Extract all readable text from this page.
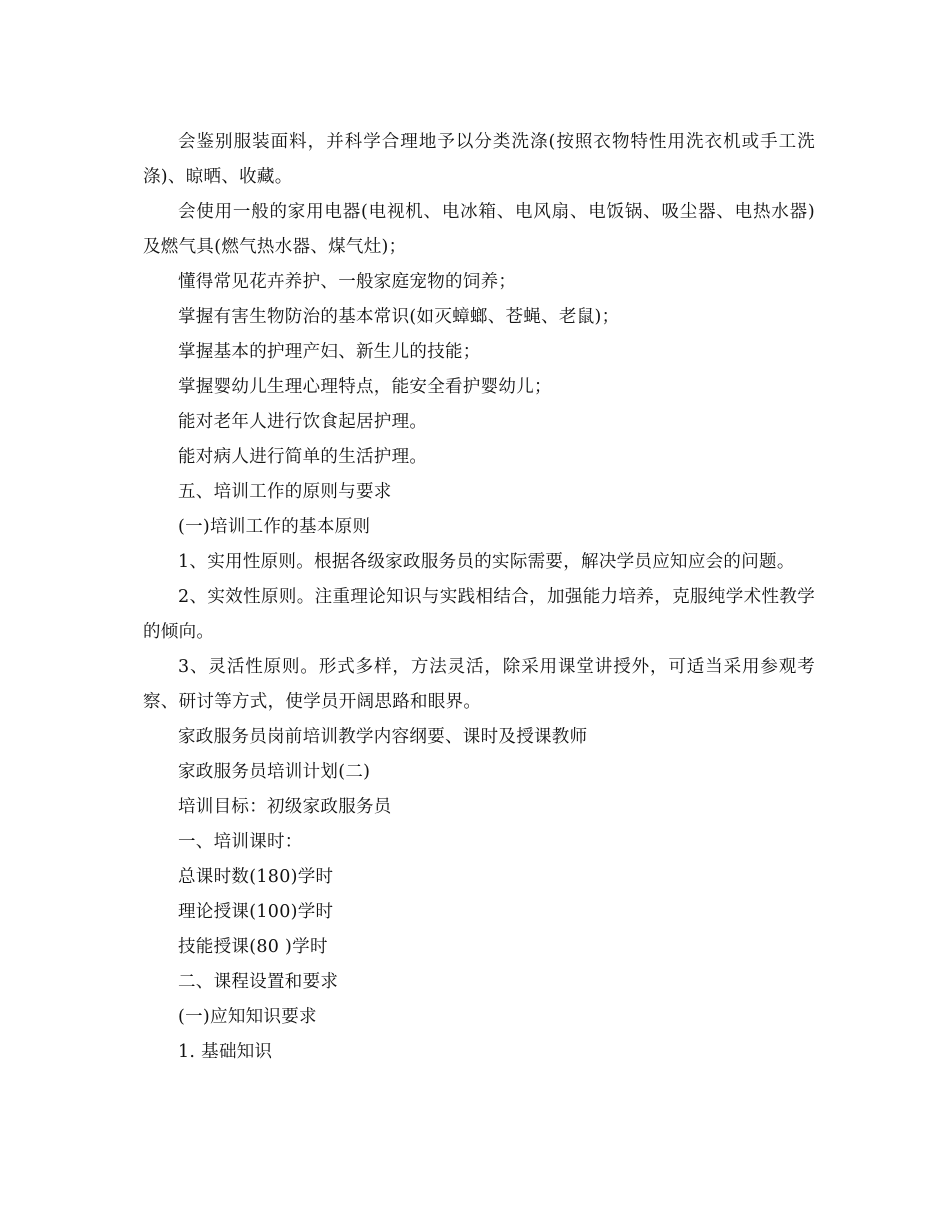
会鉴别服装面料，并科学合理地予以分类洗涤(按照衣物特性用洗衣机或手工洗涤)、晾晒、收藏。

会使用一般的家用电器(电视机、电冰箱、电风扇、电饭锅、吸尘器、电热水器)及燃气具(燃气热水器、煤气灶)；

懂得常见花卉养护、一般家庭宠物的饲养；

掌握有害生物防治的基本常识(如灭蟑螂、苍蝇、老鼠)；

掌握基本的护理产妇、新生儿的技能；

掌握婴幼儿生理心理特点，能安全看护婴幼儿；

能对老年人进行饮食起居护理。

能对病人进行简单的生活护理。

五、培训工作的原则与要求

(一)培训工作的基本原则

1、实用性原则。根据各级家政服务员的实际需要，解决学员应知应会的问题。

2、实效性原则。注重理论知识与实践相结合，加强能力培养，克服纯学术性教学的倾向。

3、灵活性原则。形式多样，方法灵活，除采用课堂讲授外，可适当采用参观考察、研讨等方式，使学员开阔思路和眼界。

家政服务员岗前培训教学内容纲要、课时及授课教师

家政服务员培训计划(二)

培训目标：初级家政服务员

一、培训课时：

总课时数(180)学时

理论授课(100)学时

技能授课(80 )学时

二、课程设置和要求

(一)应知知识要求

1. 基础知识
